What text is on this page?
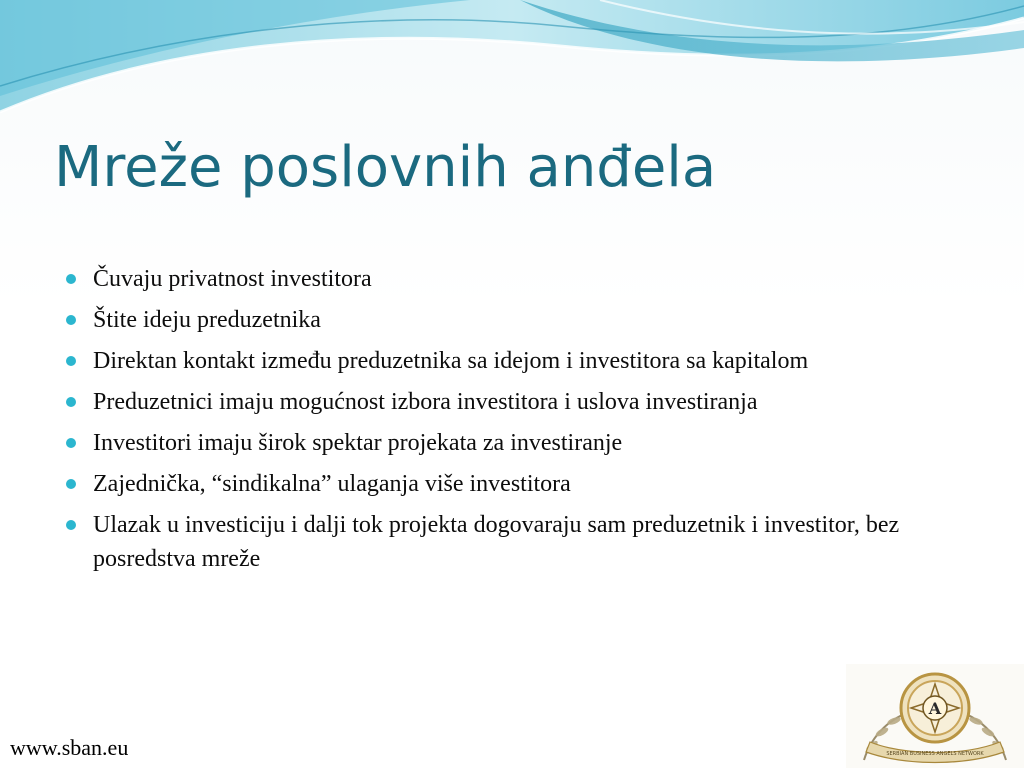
Mreže poslovnih anđela
Čuvaju privatnost investitora
Štite ideju preduzetnika
Direktan kontakt između preduzetnika sa idejom i investitora sa kapitalom
Preduzetnici imaju mogućnost izbora investitora i uslova investiranja
Investitori imaju širok spektar projekata za investiranje
Zajednička, “sindikalna” ulaganja više investitora
Ulazak u investiciju i dalji tok projekta dogovaraju sam preduzetnik i investitor, bez posredstva mreže
www.sban.eu
A
SERBIAN BUSINESS ANGELS NETWORK
